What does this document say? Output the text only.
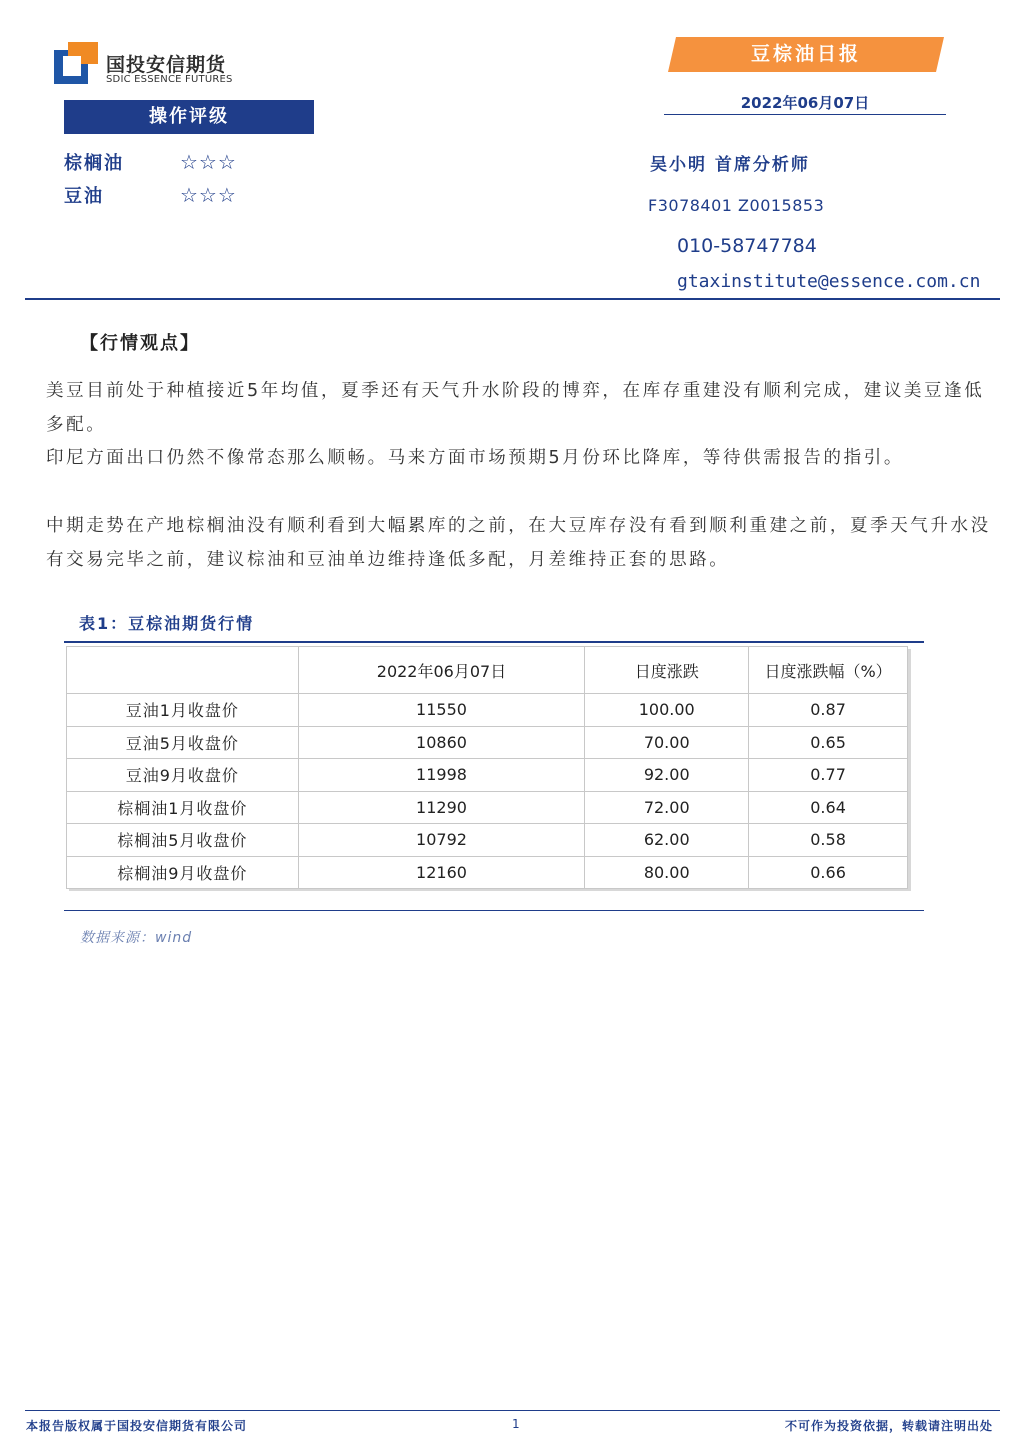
国投安信期货
SDIC ESSENCE FUTURES
操作评级
棕榈油	☆☆☆
豆油	☆☆☆
豆棕油日报
2022年06月07日
吴小明 首席分析师
F3078401 Z0015853
010-58747784
gtaxinstitute@essence.com.cn
【行情观点】
美豆目前处于种植接近5年均值，夏季还有天气升水阶段的博弈，在库存重建没有顺利完成，建议美豆逢低多配。
印尼方面出口仍然不像常态那么顺畅。马来方面市场预期5月份环比降库，等待供需报告的指引。
中期走势在产地棕榈油没有顺利看到大幅累库的之前，在大豆库存没有看到顺利重建之前，夏季天气升水没有交易完毕之前，建议棕油和豆油单边维持逢低多配，月差维持正套的思路。
表1：豆棕油期货行情
	2022年06月07日	日度涨跌	日度涨跌幅（%）
豆油1月收盘价	11550	100.00	0.87
豆油5月收盘价	10860	70.00	0.65
豆油9月收盘价	11998	92.00	0.77
棕榈油1月收盘价	11290	72.00	0.64
棕榈油5月收盘价	10792	62.00	0.58
棕榈油9月收盘价	12160	80.00	0.66
数据来源：wind
本报告版权属于国投安信期货有限公司	1	不可作为投资依据，转载请注明出处
